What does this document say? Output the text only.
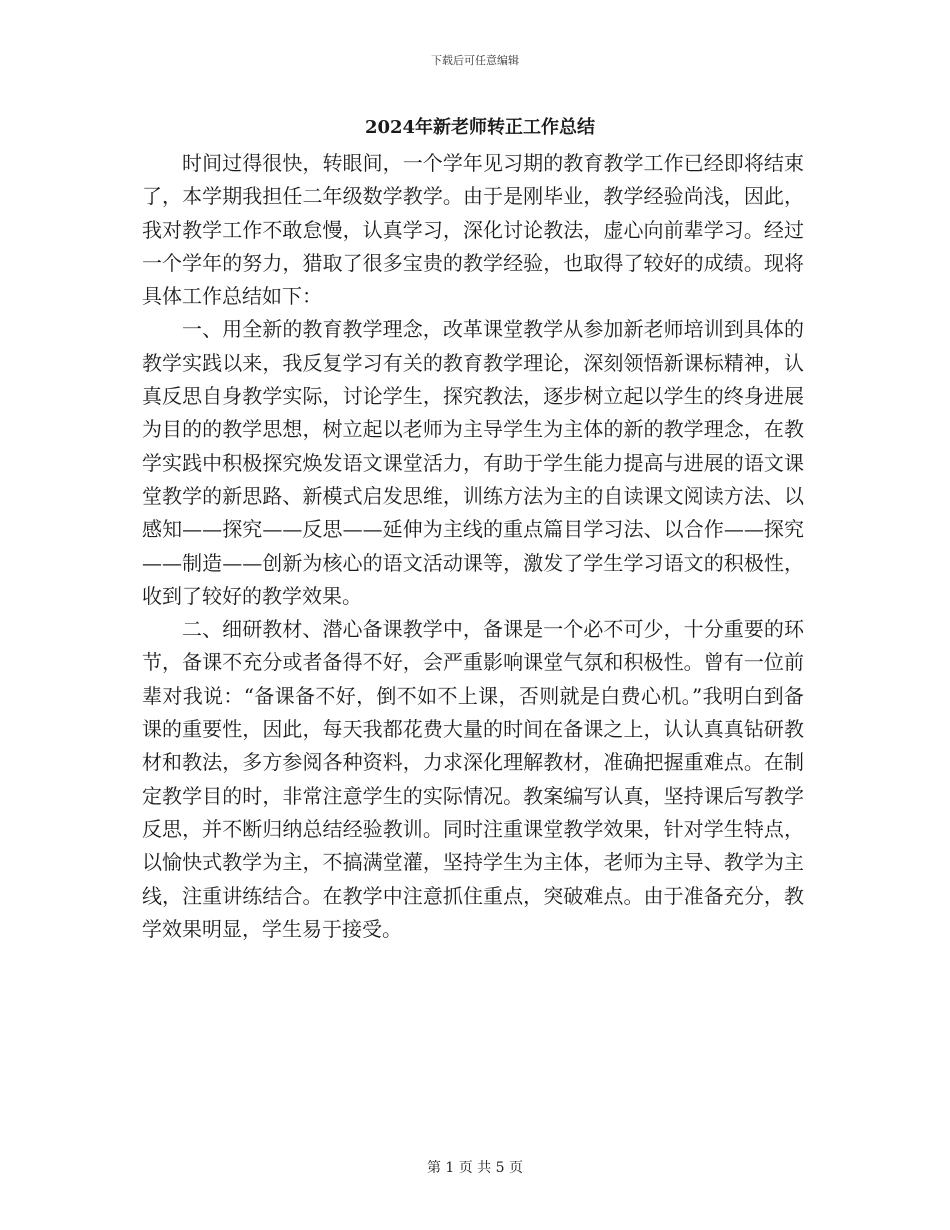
下载后可任意编辑
2024年新老师转正工作总结

时间过得很快，转眼间，一个学年见习期的教育教学工作已经即将结束了，本学期我担任二年级数学教学。由于是刚毕业，教学经验尚浅，因此，我对教学工作不敢怠慢，认真学习，深化讨论教法，虚心向前辈学习。经过一个学年的努力，猎取了很多宝贵的教学经验，也取得了较好的成绩。现将具体工作总结如下：

一、用全新的教育教学理念，改革课堂教学从参加新老师培训到具体的教学实践以来，我反复学习有关的教育教学理论，深刻领悟新课标精神，认真反思自身教学实际，讨论学生，探究教法，逐步树立起以学生的终身进展为目的的教学思想，树立起以老师为主导学生为主体的新的教学理念，在教学实践中积极探究焕发语文课堂活力，有助于学生能力提高与进展的语文课堂教学的新思路、新模式启发思维，训练方法为主的自读课文阅读方法、以感知——探究——反思——延伸为主线的重点篇目学习法、以合作——探究——制造——创新为核心的语文活动课等，激发了学生学习语文的积极性，收到了较好的教学效果。

二、细研教材、潜心备课教学中，备课是一个必不可少，十分重要的环节，备课不充分或者备得不好，会严重影响课堂气氛和积极性。曾有一位前辈对我说：“备课备不好，倒不如不上课，否则就是白费心机。”我明白到备课的重要性，因此，每天我都花费大量的时间在备课之上，认认真真钻研教材和教法，多方参阅各种资料，力求深化理解教材，准确把握重难点。在制定教学目的时，非常注意学生的实际情况。教案编写认真，坚持课后写教学反思，并不断归纳总结经验教训。同时注重课堂教学效果，针对学生特点，以愉快式教学为主，不搞满堂灌，坚持学生为主体，老师为主导、教学为主线，注重讲练结合。在教学中注意抓住重点，突破难点。由于准备充分，教学效果明显，学生易于接受。

第 1 页 共 5 页
